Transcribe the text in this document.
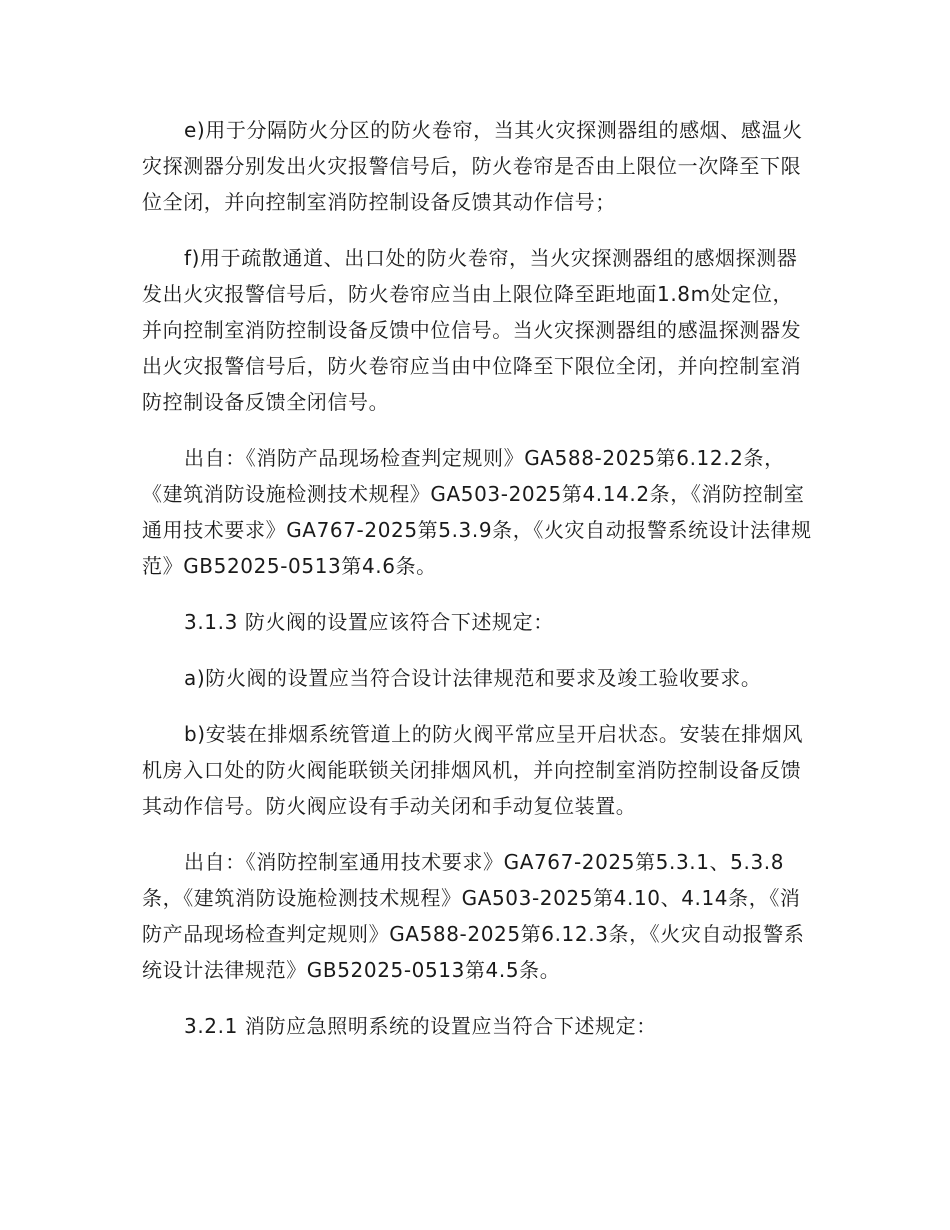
e)用于分隔防火分区的防火卷帘，当其火灾探测器组的感烟、感温火灾探测器分别发出火灾报警信号后，防火卷帘是否由上限位一次降至下限位全闭，并向控制室消防控制设备反馈其动作信号；

f)用于疏散通道、出口处的防火卷帘，当火灾探测器组的感烟探测器发出火灾报警信号后，防火卷帘应当由上限位降至距地面1.8m处定位，并向控制室消防控制设备反馈中位信号。当火灾探测器组的感温探测器发出火灾报警信号后，防火卷帘应当由中位降至下限位全闭，并向控制室消防控制设备反馈全闭信号。

出自：《消防产品现场检查判定规则》GA588-2025第6.12.2条，《建筑消防设施检测技术规程》GA503-2025第4.14.2条，《消防控制室通用技术要求》GA767-2025第5.3.9条，《火灾自动报警系统设计法律规范》GB52025-0513第4.6条。

3.1.3 防火阀的设置应该符合下述规定：

a)防火阀的设置应当符合设计法律规范和要求及竣工验收要求。

b)安装在排烟系统管道上的防火阀平常应呈开启状态。安装在排烟风机房入口处的防火阀能联锁关闭排烟风机，并向控制室消防控制设备反馈其动作信号。防火阀应设有手动关闭和手动复位装置。

出自：《消防控制室通用技术要求》GA767-2025第5.3.1、5.3.8条，《建筑消防设施检测技术规程》GA503-2025第4.10、4.14条，《消防产品现场检查判定规则》GA588-2025第6.12.3条，《火灾自动报警系统设计法律规范》GB52025-0513第4.5条。

3.2.1 消防应急照明系统的设置应当符合下述规定：
